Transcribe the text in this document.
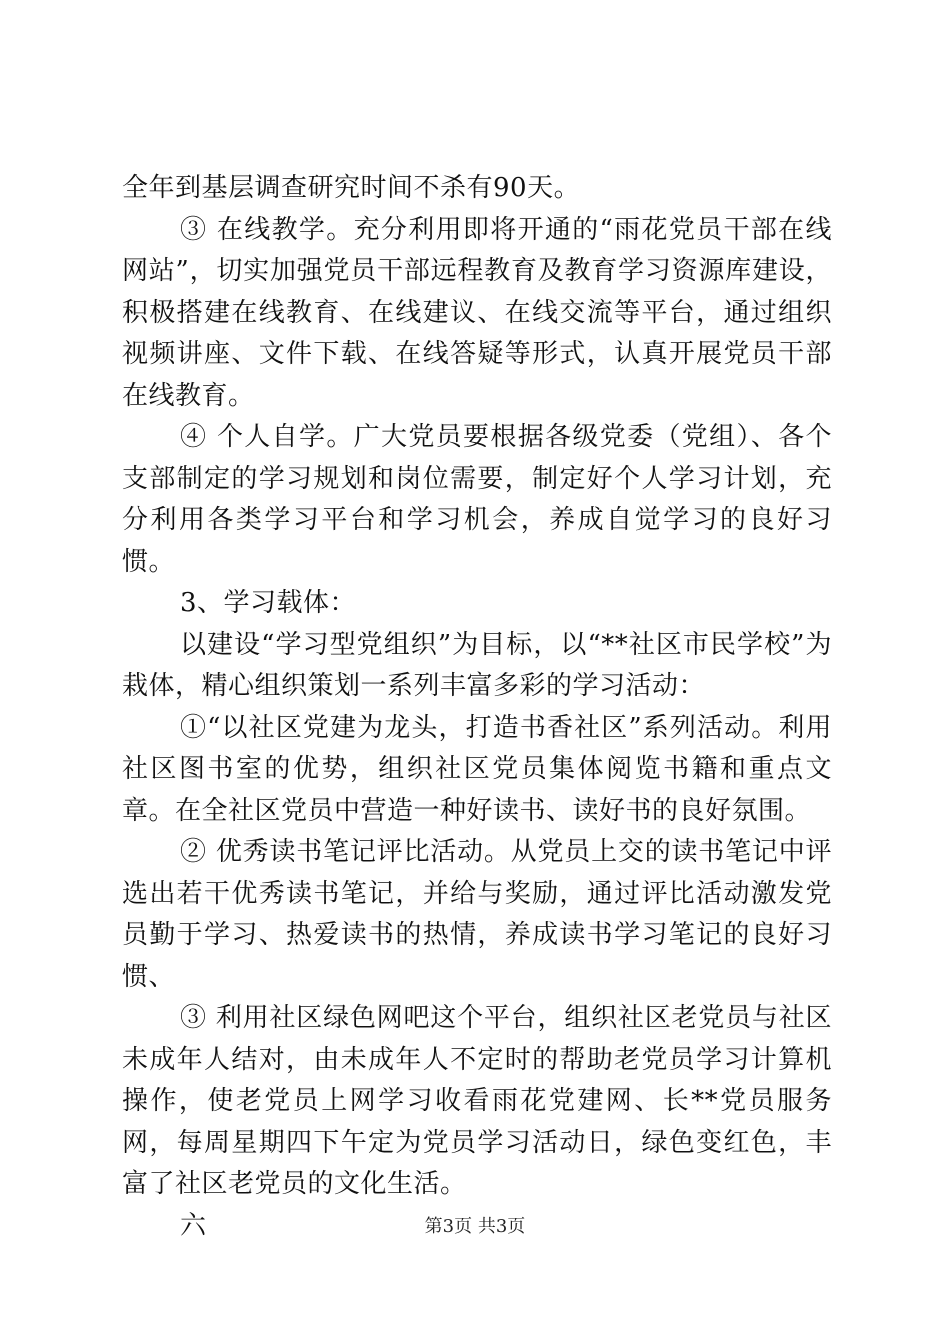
全年到基层调查研究时间不杀有90天。

③ 在线教学。充分利用即将开通的“雨花党员干部在线网站”，切实加强党员干部远程教育及教育学习资源库建设，积极搭建在线教育、在线建议、在线交流等平台，通过组织视频讲座、文件下载、在线答疑等形式，认真开展党员干部在线教育。

④ 个人自学。广大党员要根据各级党委（党组）、各个支部制定的学习规划和岗位需要，制定好个人学习计划，充分利用各类学习平台和学习机会，养成自觉学习的良好习惯。

3、学习载体：

以建设“学习型党组织”为目标，以“**社区市民学校”为栽体，精心组织策划一系列丰富多彩的学习活动：

①“以社区党建为龙头，打造书香社区”系列活动。利用社区图书室的优势，组织社区党员集体阅览书籍和重点文章。在全社区党员中营造一种好读书、读好书的良好氛围。

② 优秀读书笔记评比活动。从党员上交的读书笔记中评选出若干优秀读书笔记，并给与奖励，通过评比活动激发党员勤于学习、热爱读书的热情，养成读书学习笔记的良好习惯、

③ 利用社区绿色网吧这个平台，组织社区老党员与社区未成年人结对，由未成年人不定时的帮助老党员学习计算机操作，使老党员上网学习收看雨花党建网、长**党员服务网，每周星期四下午定为党员学习活动日，绿色变红色，丰富了社区老党员的文化生活。

六	第3页 共3页
